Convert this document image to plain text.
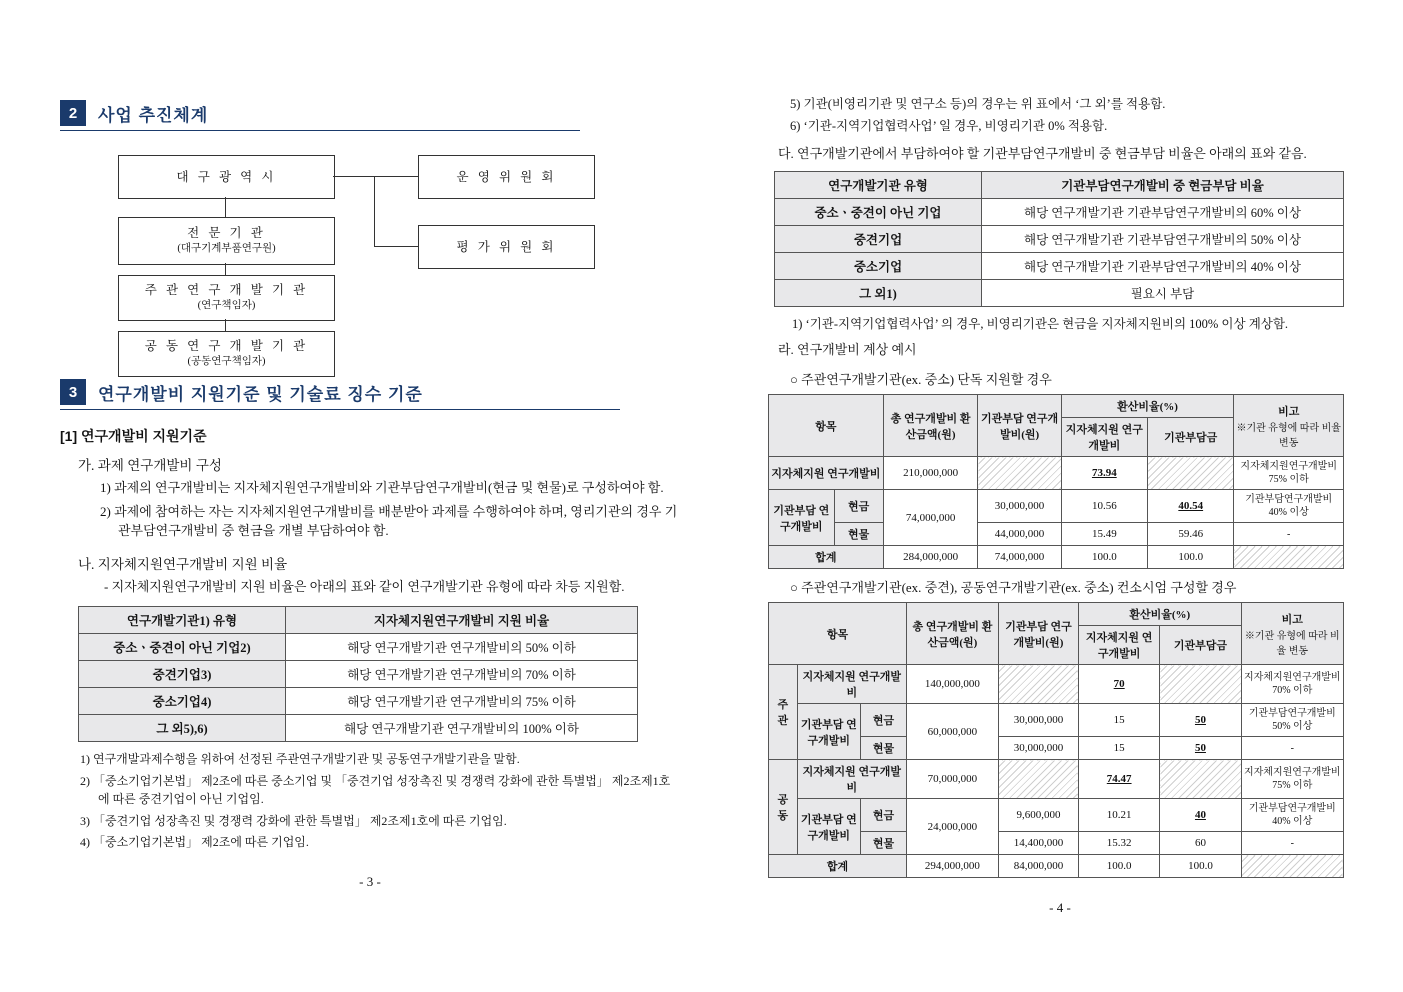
2	사업 추진체계
대 구 광 역 시	운 영 위 원 회
전 문 기 관
(대구기계부품연구원)	평 가 위 원 회
주 관 연 구 개 발 기 관
(연구책임자)
공 동 연 구 개 발 기 관
(공동연구책임자)
3	연구개발비 지원기준 및 기술료 징수 기준
[1] 연구개발비 지원기준
가. 과제 연구개발비 구성
1) 과제의 연구개발비는 지자체지원연구개발비와 기관부담연구개발비(현금 및 현물)로 구성하여야 함.
2) 과제에 참여하는 자는 지자체지원연구개발비를 배분받아 과제를 수행하여야 하며, 영리기관의 경우 기관부담연구개발비 중 현금을 개별 부담하여야 함.
나. 지자체지원연구개발비 지원 비율
- 지자체지원연구개발비 지원 비율은 아래의 표와 같이 연구개발기관 유형에 따라 차등 지원함.
연구개발기관1) 유형	지자체지원연구개발비 지원 비율
중소ㆍ중견이 아닌 기업2)	해당 연구개발기관 연구개발비의 50% 이하
중견기업3)	해당 연구개발기관 연구개발비의 70% 이하
중소기업4)	해당 연구개발기관 연구개발비의 75% 이하
그 외5),6)	해당 연구개발기관 연구개발비의 100% 이하
1) 연구개발과제수행을 위하여 선정된 주관연구개발기관 및 공동연구개발기관을 말함.
2) 「중소기업기본법」 제2조에 따른 중소기업 및 「중견기업 성장촉진 및 경쟁력 강화에 관한 특별법」 제2조제1호에 따른 중견기업이 아닌 기업임.
3) 「중견기업 성장촉진 및 경쟁력 강화에 관한 특별법」 제2조제1호에 따른 기업임.
4) 「중소기업기본법」 제2조에 따른 기업임.
- 3 -
5) 기관(비영리기관 및 연구소 등)의 경우는 위 표에서 ‘그 외’를 적용함.
6) ‘기관-지역기업협력사업’ 일 경우, 비영리기관 0% 적용함.
다. 연구개발기관에서 부담하여야 할 기관부담연구개발비 중 현금부담 비율은 아래의 표와 같음.
연구개발기관 유형	기관부담연구개발비 중 현금부담 비율
중소ㆍ중견이 아닌 기업	해당 연구개발기관 기관부담연구개발비의 60% 이상
중견기업	해당 연구개발기관 기관부담연구개발비의 50% 이상
중소기업	해당 연구개발기관 기관부담연구개발비의 40% 이상
그 외1)	필요시 부담
1) ‘기관-지역기업협력사업’ 의 경우, 비영리기관은 현금을 지자체지원비의 100% 이상 계상함.
라. 연구개발비 계상 예시
○ 주관연구개발기관(ex. 중소) 단독 지원할 경우
항목		총 연구개발비 환산금액(원)	기관부담 연구개발비(원)	환산비율(%)		비고
※기관 유형에 따라 비율 변동

				지자체지원 연구개발비	기관부담금	
지자체지원 연구개발비		210,000,000		73.94		지자체지원연구개발비 75% 이하
기관부담 연구개발비	현금	74,000,000	30,000,000	10.56	40.54	기관부담연구개발비 40% 이상
	현물		44,000,000	15.49	59.46	-
합계		284,000,000	74,000,000	100.0	100.0	
○ 주관연구개발기관(ex. 중견), 공동연구개발기관(ex. 중소) 컨소시엄 구성할 경우
항목			총 연구개발비 환산금액(원)	기관부담 연구개발비(원)	환산비율(%)		비고
※기관 유형에 따라 비율 변동

					지자체지원 연구개발비	기관부담금	
주 관	지자체지원 연구개발비		140,000,000		70		지자체지원연구개발비 70% 이하
	기관부담 연구개발비	현금	60,000,000	30,000,000	15	50	기관부담연구개발비 50% 이상
		현물		30,000,000	15	50	-
공 동	지자체지원 연구개발비		70,000,000		74.47		지자체지원연구개발비 75% 이하
	기관부담 연구개발비	현금	24,000,000	9,600,000	10.21	40	기관부담연구개발비 40% 이상
		현물		14,400,000	15.32	60	-
합계			294,000,000	84,000,000	100.0	100.0	
- 4 -
